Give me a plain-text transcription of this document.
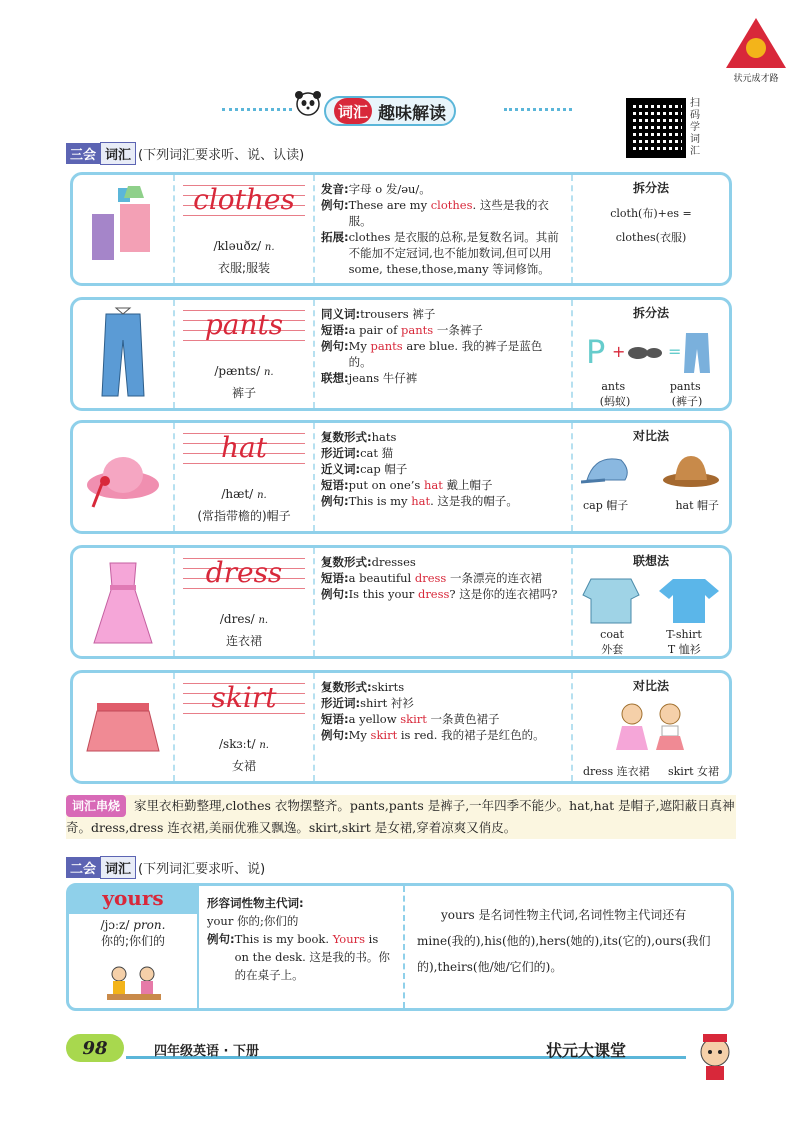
状元成才路
词汇 趣味解读	扫码学词汇
三会 词汇 (下列词汇要求听、说、认读)
clothes
/kləuðz/ n.
衣服;服装
发音: 字母 o 发/əu/。
例句: These are my clothes. 这些是我的衣服。
拓展: clothes 是衣服的总称,是复数名词。其前不能加不定冠词,也不能加数词,但可以用 some, these,those,many 等词修饰。
拆分法
cloth(布)+es =
clothes(衣服)
pants
/pænts/ n.
裤子
同义词: trousers 裤子
短语: a pair of pants 一条裤子
例句: My pants are blue. 我的裤子是蓝色的。
联想: jeans 牛仔裤
拆分法
P +	=
ants	pants
(蚂蚁)	(裤子)
hat
/hæt/ n.
(常指带檐的)帽子
复数形式: hats
形近词: cat 猫
近义词: cap 帽子
短语: put on one’s hat 戴上帽子
例句: This is my hat. 这是我的帽子。
对比法
cap 帽子	hat 帽子
dress
/dres/ n.
连衣裙
复数形式: dresses
短语: a beautiful dress 一条漂亮的连衣裙
例句: Is this your dress? 这是你的连衣裙吗?
联想法
coat	T-shirt
外套	T 恤衫
skirt
/skɜːt/ n.
女裙
复数形式: skirts
形近词: shirt 衬衫
短语: a yellow skirt 一条黄色裙子
例句: My skirt is red. 我的裙子是红色的。
对比法
dress 连衣裙 skirt 女裙
词汇串烧 家里衣柜勤整理,clothes 衣物摆整齐。pants,pants 是裤子,一年四季不能少。hat,hat 是帽子,遮阳蔽日真神奇。dress,dress 连衣裙,美丽优雅又飘逸。skirt,skirt 是女裙,穿着凉爽又俏皮。
二会 词汇 (下列词汇要求听、说)
yours
/jɔːz/ pron.
你的;你们的
形容词性物主代词:
your 你的;你们的
例句: This is my book. Yours is on the desk. 这是我的书。你的在桌子上。
yours 是名词性物主代词,名词性物主代词还有 mine(我的),his(他的),hers(她的),its(它的),ours(我们的),theirs(他/她/它们的)。
98	四年级英语 · 下册	状元大课堂
